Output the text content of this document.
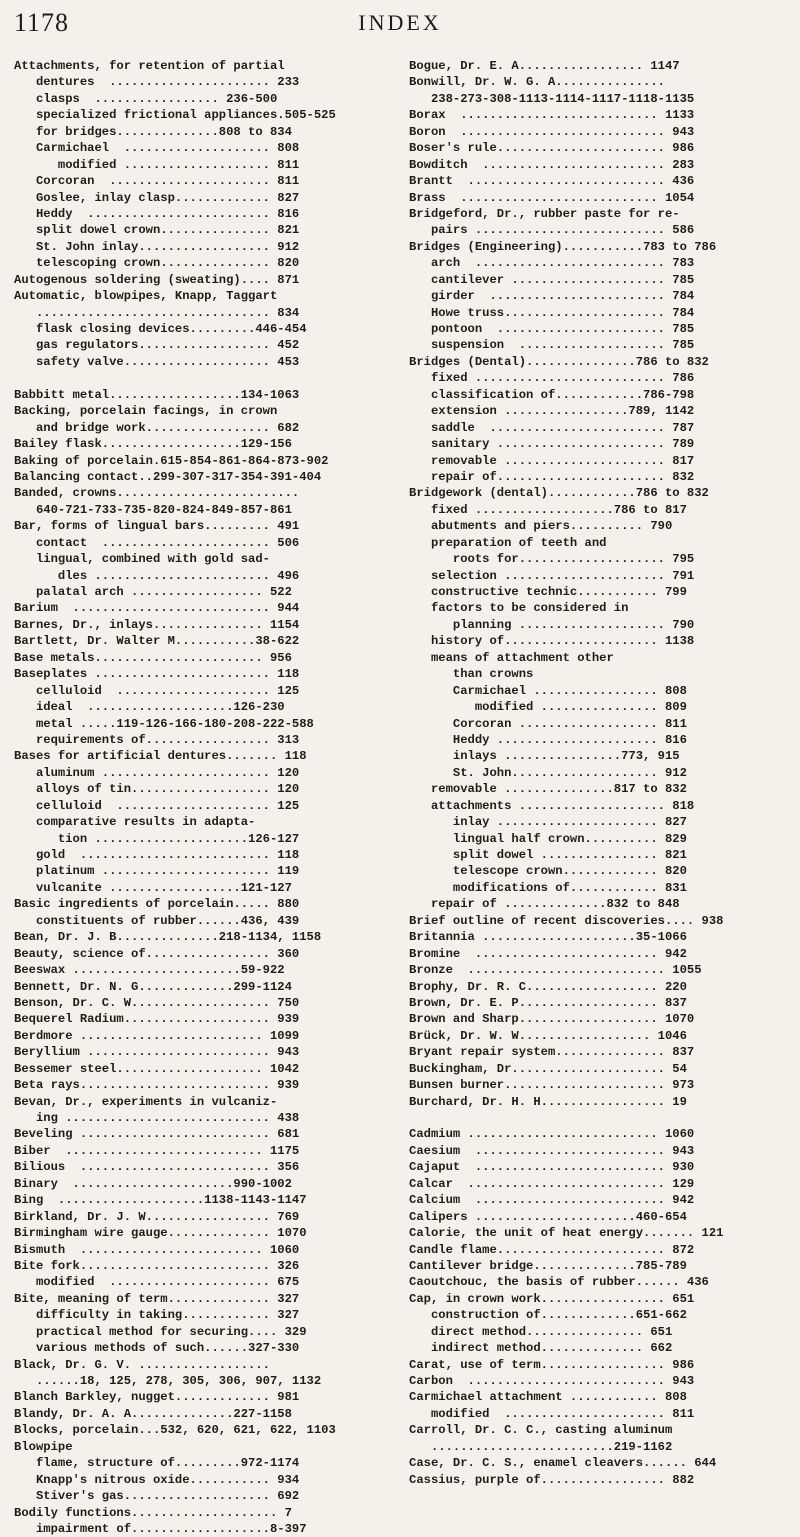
1178	INDEX
Attachments, for retention of partial
dentures  ...................... 233
clasps  ................. 236-500
specialized frictional appliances.505-525
for bridges..............808 to 834
Carmichael  .................... 808
modified .................... 811
Corcoran  ...................... 811
Goslee, inlay clasp............. 827
Heddy  ......................... 816
split dowel crown............... 821
St. John inlay.................. 912
telescoping crown............... 820
Autogenous soldering (sweating).... 871
Automatic, blowpipes, Knapp, Taggart
................................ 834
flask closing devices.........446-454
gas regulators.................. 452
safety valve.................... 453
Babbitt metal..................134-1063
Backing, porcelain facings, in crown
and bridge work................. 682
Bailey flask...................129-156
Baking of porcelain.615-854-861-864-873-902
Balancing contact..299-307-317-354-391-404
Banded, crowns.........................
640-721-733-735-820-824-849-857-861
Bar, forms of lingual bars......... 491
contact  ....................... 506
lingual, combined with gold sad-
dles ........................ 496
palatal arch .................. 522
Barium  ........................... 944
Barnes, Dr., inlays............... 1154
Bartlett, Dr. Walter M...........38-622
Base metals....................... 956
Baseplates ........................ 118
celluloid  ..................... 125
ideal  ....................126-230
metal .....119-126-166-180-208-222-588
requirements of................. 313
Bases for artificial dentures....... 118
aluminum ....................... 120
alloys of tin................... 120
celluloid  ..................... 125
comparative results in adapta-
tion .....................126-127
gold  .......................... 118
platinum ....................... 119
vulcanite ..................121-127
Basic ingredients of porcelain..... 880
constituents of rubber......436, 439
Bean, Dr. J. B..............218-1134, 1158
Beauty, science of................. 360
Beeswax .......................59-922
Bennett, Dr. N. G.............299-1124
Benson, Dr. C. W................... 750
Bequerel Radium.................... 939
Berdmore ......................... 1099
Beryllium ......................... 943
Bessemer steel.................... 1042
Beta rays.......................... 939
Bevan, Dr., experiments in vulcaniz-
ing ............................ 438
Beveling .......................... 681
Biber  ........................... 1175
Bilious  .......................... 356
Binary  ......................990-1002
Bing  ....................1138-1143-1147
Birkland, Dr. J. W................. 769
Birmingham wire gauge.............. 1070
Bismuth  ......................... 1060
Bite fork.......................... 326
modified  ...................... 675
Bite, meaning of term.............. 327
difficulty in taking............ 327
practical method for securing.... 329
various methods of such......327-330
Black, Dr. G. V. ..................
......18, 125, 278, 305, 306, 907, 1132
Blanch Barkley, nugget............. 981
Blandy, Dr. A. A..............227-1158
Blocks, porcelain...532, 620, 621, 622, 1103
Blowpipe
flame, structure of.........972-1174
Knapp's nitrous oxide........... 934
Stiver's gas.................... 692
Bodily functions.................... 7
impairment of...................8-397
Bogue, Dr. E. A................. 1147
Bonwill, Dr. W. G. A...............
238-273-308-1113-1114-1117-1118-1135
Borax  ........................... 1133
Boron  ............................ 943
Boser's rule....................... 986
Bowditch  ......................... 283
Brantt  ........................... 436
Brass  ........................... 1054
Bridgeford, Dr., rubber paste for re-
pairs .......................... 586
Bridges (Engineering)...........783 to 786
arch  .......................... 783
cantilever ..................... 785
girder  ........................ 784
Howe truss...................... 784
pontoon  ....................... 785
suspension  .................... 785
Bridges (Dental)...............786 to 832
fixed .......................... 786
classification of............786-798
extension .................789, 1142
saddle  ........................ 787
sanitary ....................... 789
removable ...................... 817
repair of....................... 832
Bridgework (dental)............786 to 832
fixed ...................786 to 817
abutments and piers.......... 790
preparation of teeth and
roots for.................... 795
selection ...................... 791
constructive technic........... 799
factors to be considered in
planning .................... 790
history of..................... 1138
means of attachment other
than crowns
Carmichael ................. 808
modified ................ 809
Corcoran ................... 811
Heddy ...................... 816
inlays ................773, 915
St. John.................... 912
removable ...............817 to 832
attachments .................... 818
inlay ...................... 827
lingual half crown.......... 829
split dowel ................ 821
telescope crown............. 820
modifications of............ 831
repair of ..............832 to 848
Brief outline of recent discoveries.... 938
Britannia .....................35-1066
Bromine  ......................... 942
Bronze  ........................... 1055
Brophy, Dr. R. C.................. 220
Brown, Dr. E. P................... 837
Brown and Sharp................... 1070
Brück, Dr. W. W.................. 1046
Bryant repair system............... 837
Buckingham, Dr..................... 54
Bunsen burner...................... 973
Burchard, Dr. H. H................. 19
Cadmium .......................... 1060
Caesium  .......................... 943
Cajaput  .......................... 930
Calcar  ........................... 129
Calcium  .......................... 942
Calipers ......................460-654
Calorie, the unit of heat energy....... 121
Candle flame....................... 872
Cantilever bridge..............785-789
Caoutchouc, the basis of rubber...... 436
Cap, in crown work................. 651
construction of.............651-662
direct method................ 651
indirect method.............. 662
Carat, use of term................. 986
Carbon  ........................... 943
Carmichael attachment ............ 808
modified  ...................... 811
Carroll, Dr. C. C., casting aluminum
.........................219-1162
Case, Dr. C. S., enamel cleavers...... 644
Cassius, purple of................. 882
